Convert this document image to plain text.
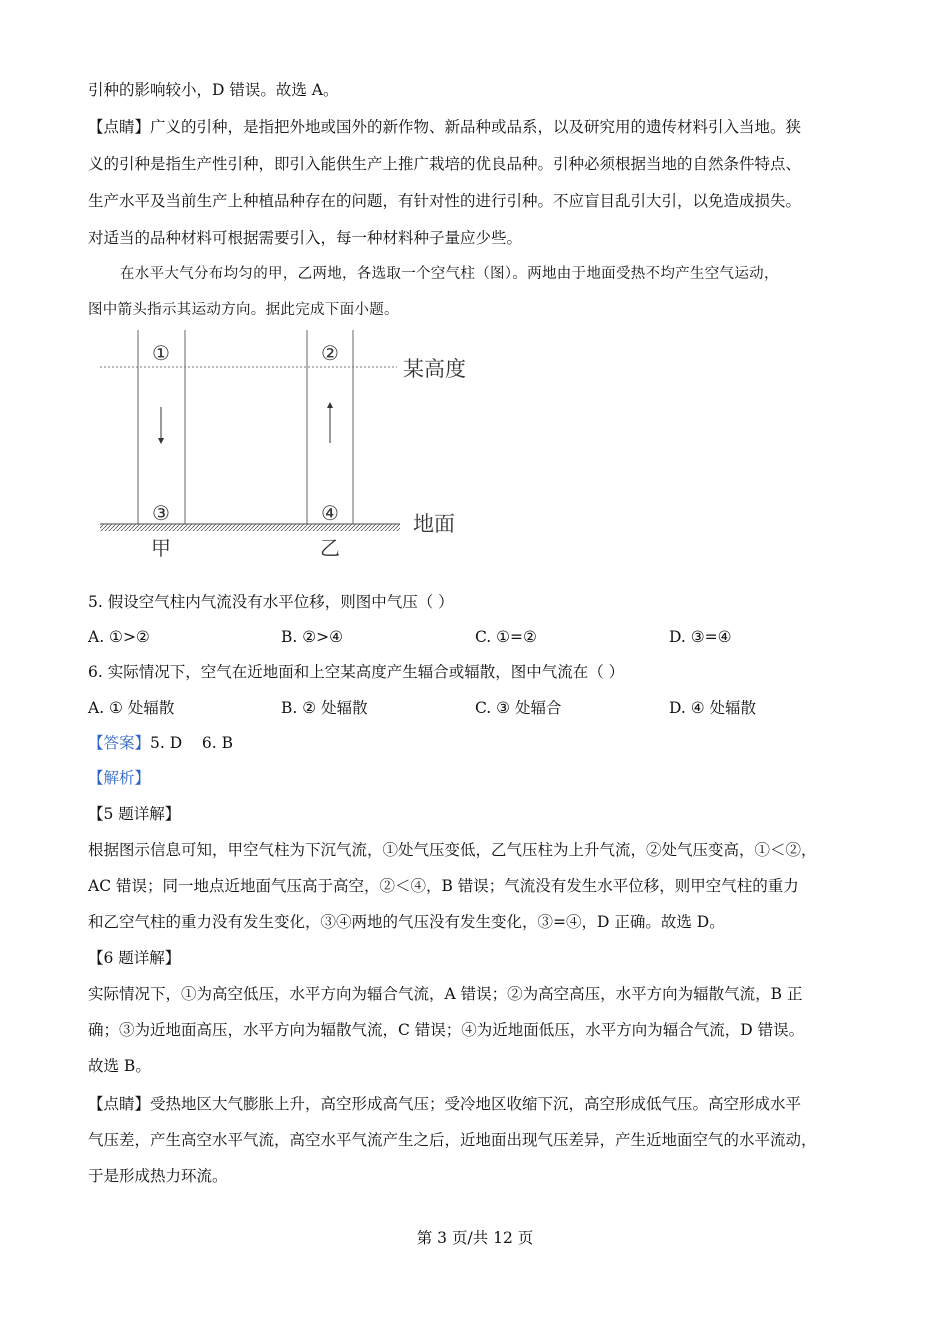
引种的影响较小，D 错误。故选 A。
【点睛】广义的引种，是指把外地或国外的新作物、新品种或品系，以及研究用的遗传材料引入当地。狭
义的引种是指生产性引种，即引入能供生产上推广栽培的优良品种。引种必须根据当地的自然条件特点、
生产水平及当前生产上种植品种存在的问题，有针对性的进行引种。不应盲目乱引大引，以免造成损失。
对适当的品种材料可根据需要引入，每一种材料种子量应少些。
在水平大气分布均匀的甲，乙两地，各选取一个空气柱（图）。两地由于地面受热不均产生空气运动，
图中箭头指示其运动方向。据此完成下面小题。
①	②
③	④
某高度
地面
甲	乙
5. 假设空气柱内气流没有水平位移，则图中气压（ ）
A. ①>②	B. ②>④	C. ①=②	D. ③=④
6. 实际情况下，空气在近地面和上空某高度产生辐合或辐散，图中气流在（ ）
A. ① 处辐散	B. ② 处辐散	C. ③ 处辐合	D. ④ 处辐散
【答案】5. D    6. B
【解析】
【5 题详解】
根据图示信息可知，甲空气柱为下沉气流，①处气压变低，乙气压柱为上升气流，②处气压变高，①＜②，
AC 错误；同一地点近地面气压高于高空，②＜④，B 错误；气流没有发生水平位移，则甲空气柱的重力
和乙空气柱的重力没有发生变化，③④两地的气压没有发生变化，③=④，D 正确。故选 D。
【6 题详解】
实际情况下，①为高空低压，水平方向为辐合气流，A 错误；②为高空高压，水平方向为辐散气流，B 正
确；③为近地面高压，水平方向为辐散气流，C 错误；④为近地面低压，水平方向为辐合气流，D 错误。
故选 B。
【点睛】受热地区大气膨胀上升，高空形成高气压；受冷地区收缩下沉，高空形成低气压。高空形成水平
气压差，产生高空水平气流，高空水平气流产生之后，近地面出现气压差异，产生近地面空气的水平流动，
于是形成热力环流。
第 3 页/共 12 页
